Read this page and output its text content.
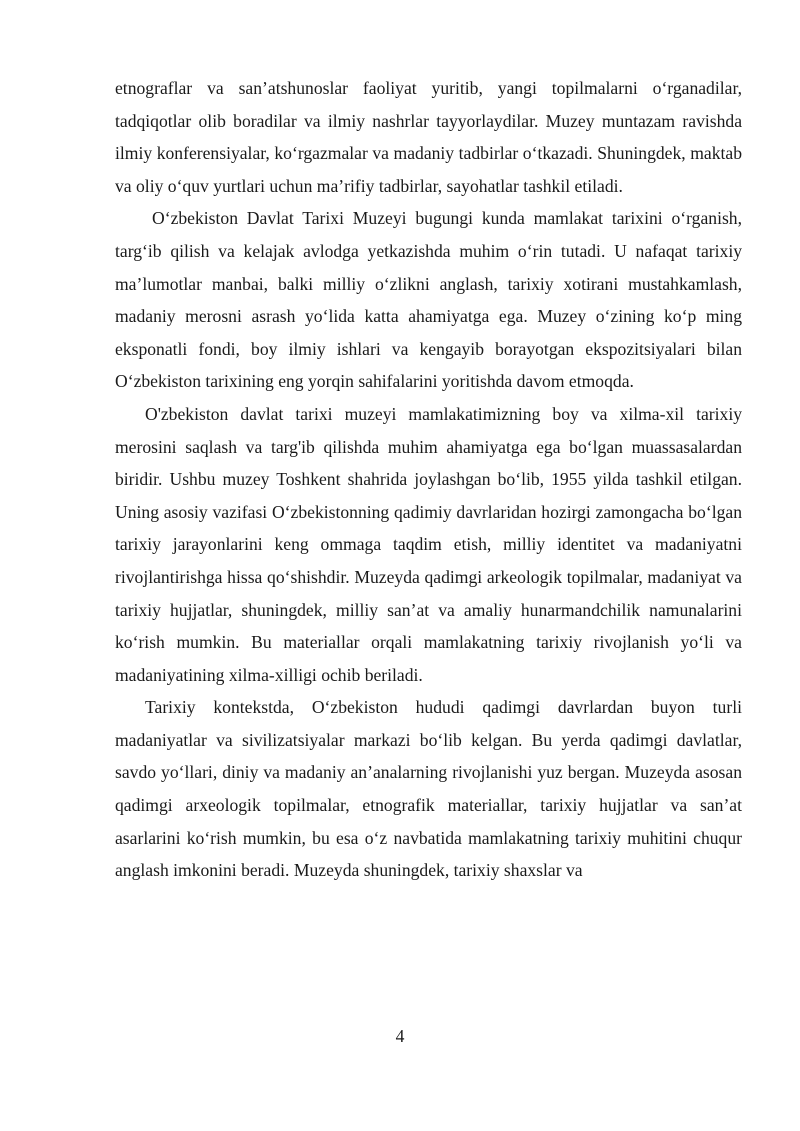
etnograflar va san’atshunoslar faoliyat yuritib, yangi topilmalarni o‘rganadilar, tadqiqotlar olib boradilar va ilmiy nashrlar tayyorlaydilar. Muzey muntazam ravishda ilmiy konferensiyalar, ko‘rgazmalar va madaniy tadbirlar o‘tkazadi. Shuningdek, maktab va oliy o‘quv yurtlari uchun ma’rifiy tadbirlar, sayohatlar tashkil etiladi.

O‘zbekiston Davlat Tarixi Muzeyi bugungi kunda mamlakat tarixini o‘rganish, targ‘ib qilish va kelajak avlodga yetkazishda muhim o‘rin tutadi. U nafaqat tarixiy ma’lumotlar manbai, balki milliy o‘zlikni anglash, tarixiy xotirani mustahkamlash, madaniy merosni asrash yo‘lida katta ahamiyatga ega. Muzey o‘zining ko‘p ming eksponatli fondi, boy ilmiy ishlari va kengayib borayotgan ekspozitsiyalari bilan O‘zbekiston tarixining eng yorqin sahifalarini yoritishda davom etmoqda.

O'zbekiston davlat tarixi muzeyi mamlakatimizning boy va xilma-xil tarixiy merosini saqlash va targ'ib qilishda muhim ahamiyatga ega bo‘lgan muassasalardan biridir. Ushbu muzey Toshkent shahrida joylashgan bo‘lib, 1955 yilda tashkil etilgan. Uning asosiy vazifasi O‘zbekistonning qadimiy davrlaridan hozirgi zamongacha bo‘lgan tarixiy jarayonlarini keng ommaga taqdim etish, milliy identitet va madaniyatni rivojlantirishga hissa qo‘shishdir. Muzeyda qadimgi arkeologik topilmalar, madaniyat va tarixiy hujjatlar, shuningdek, milliy san’at va amaliy hunarmandchilik namunalarini ko‘rish mumkin. Bu materiallar orqali mamlakatning tarixiy rivojlanish yo‘li va madaniyatining xilma-xilligi ochib beriladi.

Tarixiy kontekstda, O‘zbekiston hududi qadimgi davrlardan buyon turli madaniyatlar va sivilizatsiyalar markazi bo‘lib kelgan. Bu yerda qadimgi davlatlar, savdo yo‘llari, diniy va madaniy an’analarning rivojlanishi yuz bergan. Muzeyda asosan qadimgi arxeologik topilmalar, etnografik materiallar, tarixiy hujjatlar va san’at asarlarini ko‘rish mumkin, bu esa o‘z navbatida mamlakatning tarixiy muhitini chuqur anglash imkonini beradi. Muzeyda shuningdek, tarixiy shaxslar va

4
